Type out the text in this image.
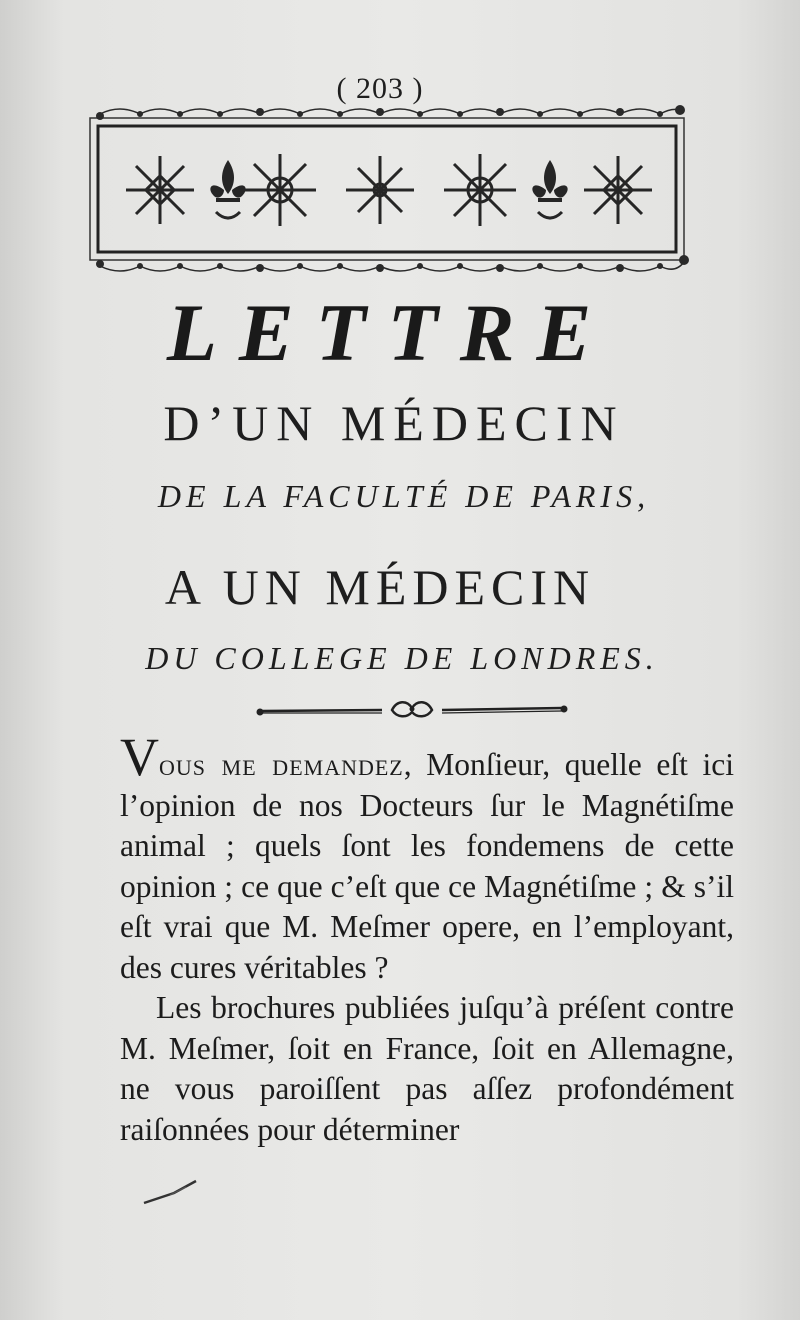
( 203 )
LETTRE
D’UN MÉDECIN
DE LA FACULTÉ DE PARIS,
A UN MÉDECIN
DU COLLEGE DE LONDRES.

Vous me demandez, Monſieur, quelle eſt ici l’opinion de nos Docteurs ſur le Magnétiſme animal ; quels ſont les fondemens de cette opinion ; ce que c’eſt que ce Magnétiſme ; & s’il eſt vrai que M. Meſmer opere, en l’employant, des cures véritables ?

Les brochures publiées juſqu’à préſent contre M. Meſmer, ſoit en France, ſoit en Allemagne, ne vous paroiſſent pas aſſez profondément raiſonnées pour déterminer
